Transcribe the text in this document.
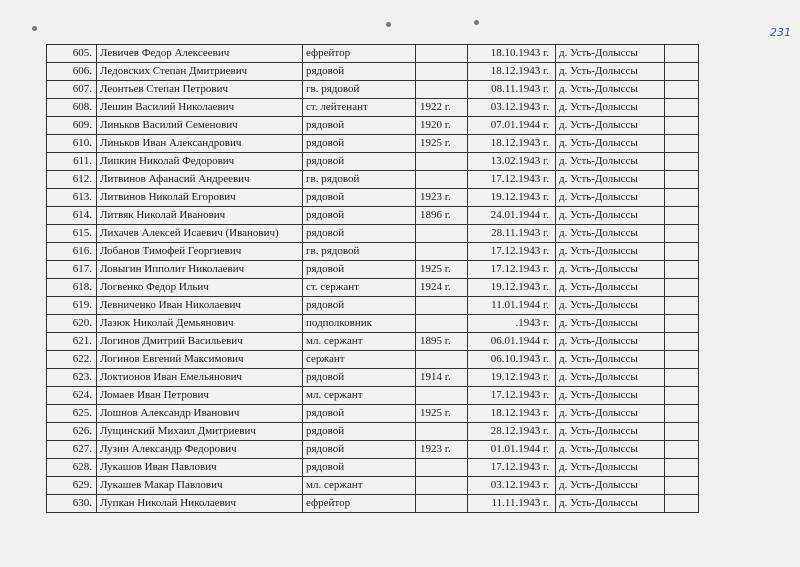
231
605.	Левичев Федор Алексеевич	ефрейтор		18.10.1943 г.	д. Усть-Долыссы	
606.	Ледовских Степан Дмитриевич	рядовой		18.12.1943 г.	д. Усть-Долыссы	
607.	Леонтьев Степан Петрович	гв. рядовой		08.11.1943 г.	д. Усть-Долыссы	
608.	Лешин Василий Николаевич	ст. лейтенант	1922 г.	03.12.1943 г.	д. Усть-Долыссы	
609.	Линьков Василий Семенович	рядовой	1920 г.	07.01.1944 г.	д. Усть-Долыссы	
610.	Линьков Иван Александрович	рядовой	1925 г.	18.12.1943 г.	д. Усть-Долыссы	
611.	Липкин Николай Федорович	рядовой		13.02.1943 г.	д. Усть-Долыссы	
612.	Литвинов Афанасий Андреевич	гв. рядовой		17.12.1943 г.	д. Усть-Долыссы	
613.	Литвинов Николай Егорович	рядовой	1923 г.	19.12.1943 г.	д. Усть-Долыссы	
614.	Литвяк Николай Иванович	рядовой	1896 г.	24.01.1944 г.	д. Усть-Долыссы	
615.	Лихачев Алексей Исаевич (Иванович)	рядовой		28.11.1943 г.	д. Усть-Долыссы	
616.	Лобанов Тимофей Георгиевич	гв. рядовой		17.12.1943 г.	д. Усть-Долыссы	
617.	Ловыгин Ипполит Николаевич	рядовой	1925 г.	17.12.1943 г.	д. Усть-Долыссы	
618.	Логвенко Федор Ильич	ст. сержант	1924 г.	19.12.1943 г.	д. Усть-Долыссы	
619.	Левниченко Иван Николаевич	рядовой		11.01.1944 г.	д. Усть-Долыссы	
620.	Лазюк Николай Демьянович	подполковник		.1943 г.	д. Усть-Долыссы	
621.	Логинов Дмитрий Васильевич	мл. сержант	1895 г.	06.01.1944 г.	д. Усть-Долыссы	
622.	Логинов Евгений Максимович	сержант		06.10.1943 г.	д. Усть-Долыссы	
623.	Локтионов Иван Емельянович	рядовой	1914 г.	19.12.1943 г.	д. Усть-Долыссы	
624.	Ломаев Иван Петрович	мл. сержант		17.12.1943 г.	д. Усть-Долыссы	
625.	Лошнов Александр Иванович	рядовой	1925 г.	18.12.1943 г.	д. Усть-Долыссы	
626.	Лущинский Михаил Дмитриевич	рядовой		28.12.1943 г.	д. Усть-Долыссы	
627.	Лузин Александр Федорович	рядовой	1923 г.	01.01.1944 г.	д. Усть-Долыссы	
628.	Лукашов Иван Павлович	рядовой		17.12.1943 г.	д. Усть-Долыссы	
629.	Лукашев Макар Павлович	мл. сержант		03.12.1943 г.	д. Усть-Долыссы	
630.	Лупкан Николай Николаевич	ефрейтор		11.11.1943 г.	д. Усть-Долыссы	
